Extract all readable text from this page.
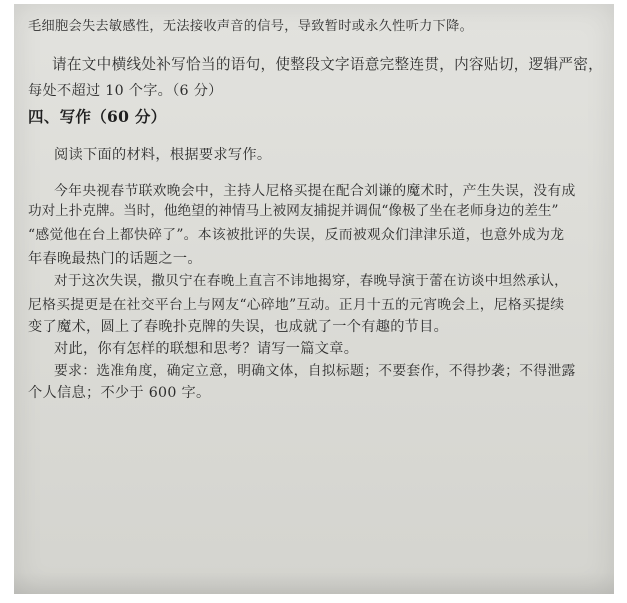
毛细胞会失去敏感性，无法接收声音的信号，导致暂时或永久性听力下降。
请在文中横线处补写恰当的语句，使整段文字语意完整连贯，内容贴切，逻辑严密，
每处不超过 10 个字。（6 分）
四、写作（60 分）
阅读下面的材料，根据要求写作。
今年央视春节联欢晚会中，主持人尼格买提在配合刘谦的魔术时，产生失误，没有成
功对上扑克牌。当时，他绝望的神情马上被网友捕捉并调侃“像极了坐在老师身边的差生”
“感觉他在台上都快碎了”。本该被批评的失误，反而被观众们津津乐道，也意外成为龙
年春晚最热门的话题之一。
对于这次失误，撒贝宁在春晚上直言不讳地揭穿，春晚导演于蕾在访谈中坦然承认，
尼格买提更是在社交平台上与网友“心碎地”互动。正月十五的元宵晚会上，尼格买提续
变了魔术，圆上了春晚扑克牌的失误，也成就了一个有趣的节目。
对此，你有怎样的联想和思考？请写一篇文章。
要求：选准角度，确定立意，明确文体，自拟标题；不要套作，不得抄袭；不得泄露
个人信息；不少于 600 字。
